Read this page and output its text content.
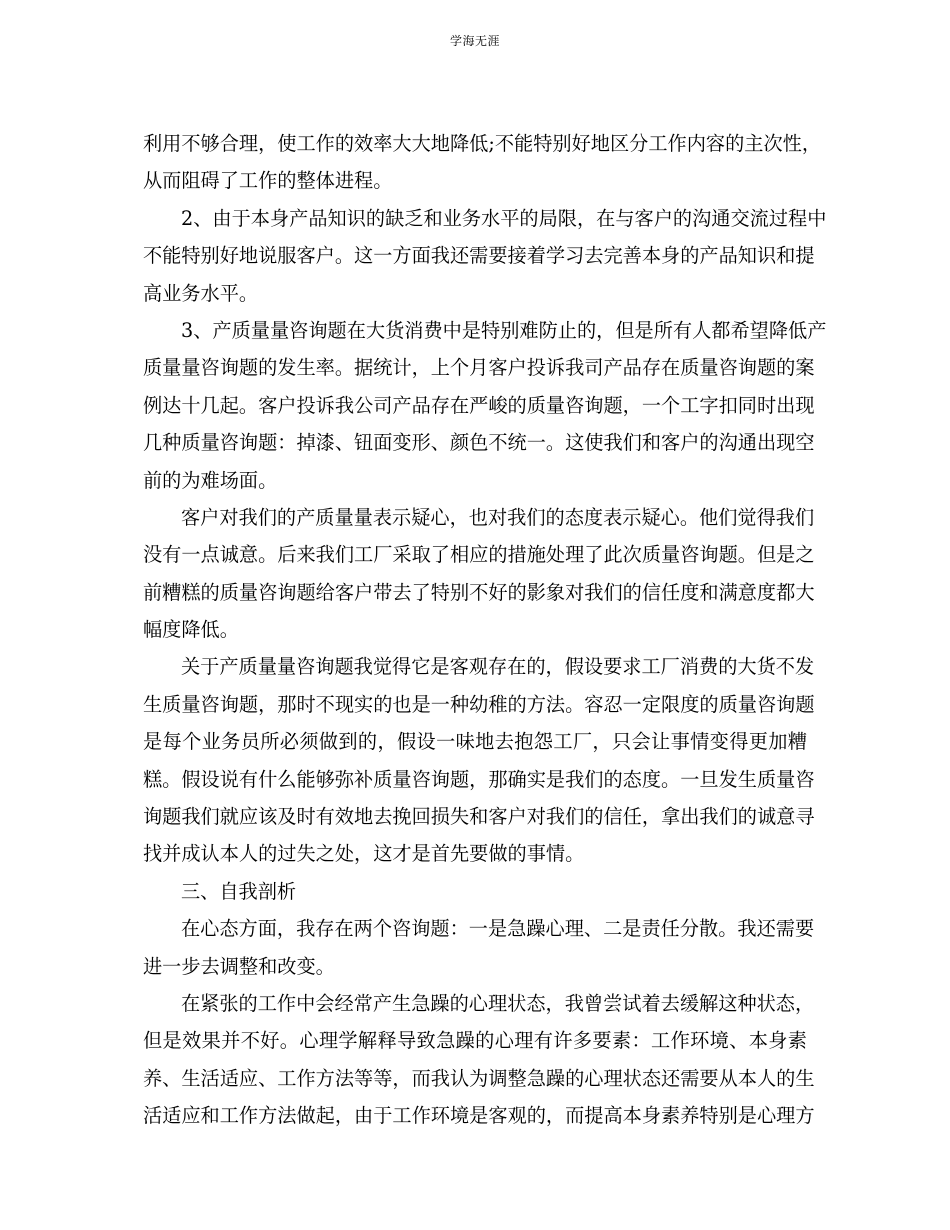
学海无涯
利用不够合理，使工作的效率大大地降低;不能特别好地区分工作内容的主次性，
从而阻碍了工作的整体进程。
2、由于本身产品知识的缺乏和业务水平的局限，在与客户的沟通交流过程中
不能特别好地说服客户。这一方面我还需要接着学习去完善本身的产品知识和提
高业务水平。
3、产质量量咨询题在大货消费中是特别难防止的，但是所有人都希望降低产
质量量咨询题的发生率。据统计，上个月客户投诉我司产品存在质量咨询题的案
例达十几起。客户投诉我公司产品存在严峻的质量咨询题，一个工字扣同时出现
几种质量咨询题：掉漆、钮面变形、颜色不统一。这使我们和客户的沟通出现空
前的为难场面。
客户对我们的产质量量表示疑心，也对我们的态度表示疑心。他们觉得我们
没有一点诚意。后来我们工厂采取了相应的措施处理了此次质量咨询题。但是之
前糟糕的质量咨询题给客户带去了特别不好的影象对我们的信任度和满意度都大
幅度降低。
关于产质量量咨询题我觉得它是客观存在的，假设要求工厂消费的大货不发
生质量咨询题，那时不现实的也是一种幼稚的方法。容忍一定限度的质量咨询题
是每个业务员所必须做到的，假设一味地去抱怨工厂，只会让事情变得更加糟
糕。假设说有什么能够弥补质量咨询题，那确实是我们的态度。一旦发生质量咨
询题我们就应该及时有效地去挽回损失和客户对我们的信任，拿出我们的诚意寻
找并成认本人的过失之处，这才是首先要做的事情。
三、自我剖析
在心态方面，我存在两个咨询题：一是急躁心理、二是责任分散。我还需要
进一步去调整和改变。
在紧张的工作中会经常产生急躁的心理状态，我曾尝试着去缓解这种状态，
但是效果并不好。心理学解释导致急躁的心理有许多要素：工作环境、本身素
养、生活适应、工作方法等等，而我认为调整急躁的心理状态还需要从本人的生
活适应和工作方法做起，由于工作环境是客观的，而提高本身素养特别是心理方
